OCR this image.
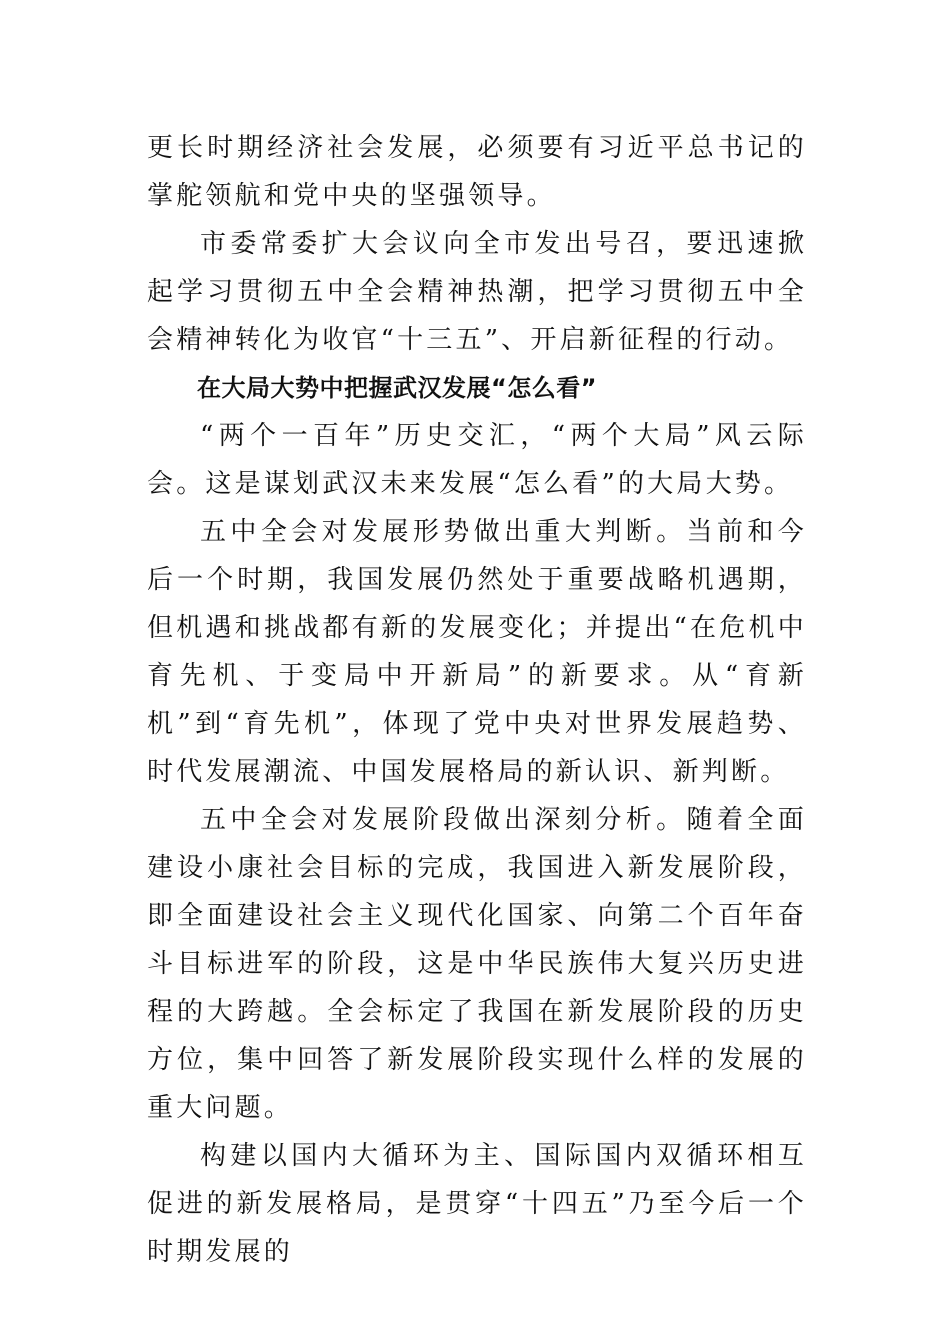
更长时期经济社会发展，必须要有习近平总书记的掌舵领航和党中央的坚强领导。

市委常委扩大会议向全市发出号召，要迅速掀起学习贯彻五中全会精神热潮，把学习贯彻五中全会精神转化为收官“十三五”、开启新征程的行动。

在大局大势中把握武汉发展“怎么看”

“两个一百年”历史交汇，“两个大局”风云际会。这是谋划武汉未来发展“怎么看”的大局大势。

五中全会对发展形势做出重大判断。当前和今后一个时期，我国发展仍然处于重要战略机遇期，但机遇和挑战都有新的发展变化；并提出“在危机中育先机、于变局中开新局”的新要求。从“育新机”到“育先机”，体现了党中央对世界发展趋势、时代发展潮流、中国发展格局的新认识、新判断。

五中全会对发展阶段做出深刻分析。随着全面建设小康社会目标的完成，我国进入新发展阶段，即全面建设社会主义现代化国家、向第二个百年奋斗目标进军的阶段，这是中华民族伟大复兴历史进程的大跨越。全会标定了我国在新发展阶段的历史方位，集中回答了新发展阶段实现什么样的发展的重大问题。

构建以国内大循环为主、国际国内双循环相互促进的新发展格局，是贯穿“十四五”乃至今后一个时期发展的
